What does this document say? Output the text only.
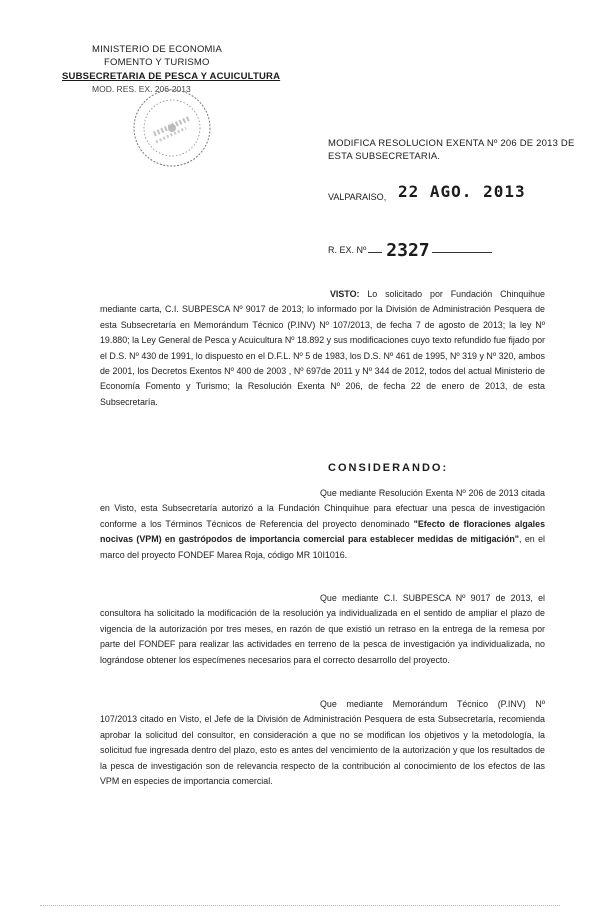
MINISTERIO DE ECONOMIA
FOMENTO Y TURISMO
SUBSECRETARIA DE PESCA Y ACUICULTURA
MOD. RES. EX. 206-2013
MODIFICA RESOLUCION EXENTA Nº 206 DE 2013 DE ESTA SUBSECRETARIA.
VALPARAISO, 22 AGO. 2013
R. EX. Nº 2327

VISTO: Lo solicitado por Fundación Chinquihue mediante carta, C.I. SUBPESCA Nº 9017 de 2013; lo informado por la División de Administración Pesquera de esta Subsecretaría en Memorándum Técnico (P.INV) Nº 107/2013, de fecha 7 de agosto de 2013; la ley Nº 19.880; la Ley General de Pesca y Acuicultura Nº 18.892 y sus modificaciones cuyo texto refundido fue fijado por el D.S. Nº 430 de 1991, lo dispuesto en el D.F.L. Nº 5 de 1983, los D.S. Nº 461 de 1995, Nº 319 y Nº 320, ambos de 2001, los Decretos Exentos Nº 400 de 2003 , Nº 697de 2011 y Nº 344 de 2012, todos del actual Ministerio de Economía Fomento y Turismo; la Resolución Exenta Nº 206, de fecha 22 de enero de 2013, de esta Subsecretaría.

CONSIDERANDO:

Que mediante Resolución Exenta Nº 206 de 2013 citada en Visto, esta Subsecretaría autorizó a la Fundación Chinquihue para efectuar una pesca de investigación conforme a los Términos Técnicos de Referencia del proyecto denominado "Efecto de floraciones algales nocivas (VPM) en gastrópodos de importancia comercial para establecer medidas de mitigación", en el marco del proyecto FONDEF Marea Roja, código MR 10I1016.

Que mediante C.I. SUBPESCA Nº 9017 de 2013, el consultora ha solicitado la modificación de la resolución ya individualizada en el sentido de ampliar el plazo de vigencia de la autorización por tres meses, en razón de que existió un retraso en la entrega de la remesa por parte del FONDEF para realizar las actividades en terreno de la pesca de investigación ya individualizada, no lográndose obtener los especímenes necesarios para el correcto desarrollo del proyecto.

Que mediante Memorándum Técnico (P.INV) Nº 107/2013 citado en Visto, el Jefe de la División de Administración Pesquera de esta Subsecretaría, recomienda aprobar la solicitud del consultor, en consideración a que no se modifican los objetivos y la metodología, la solicitud fue ingresada dentro del plazo, esto es antes del vencimiento de la autorización y que los resultados de la pesca de investigación son de relevancia respecto de la contribución al conocimiento de los efectos de las VPM en especies de importancia comercial.
